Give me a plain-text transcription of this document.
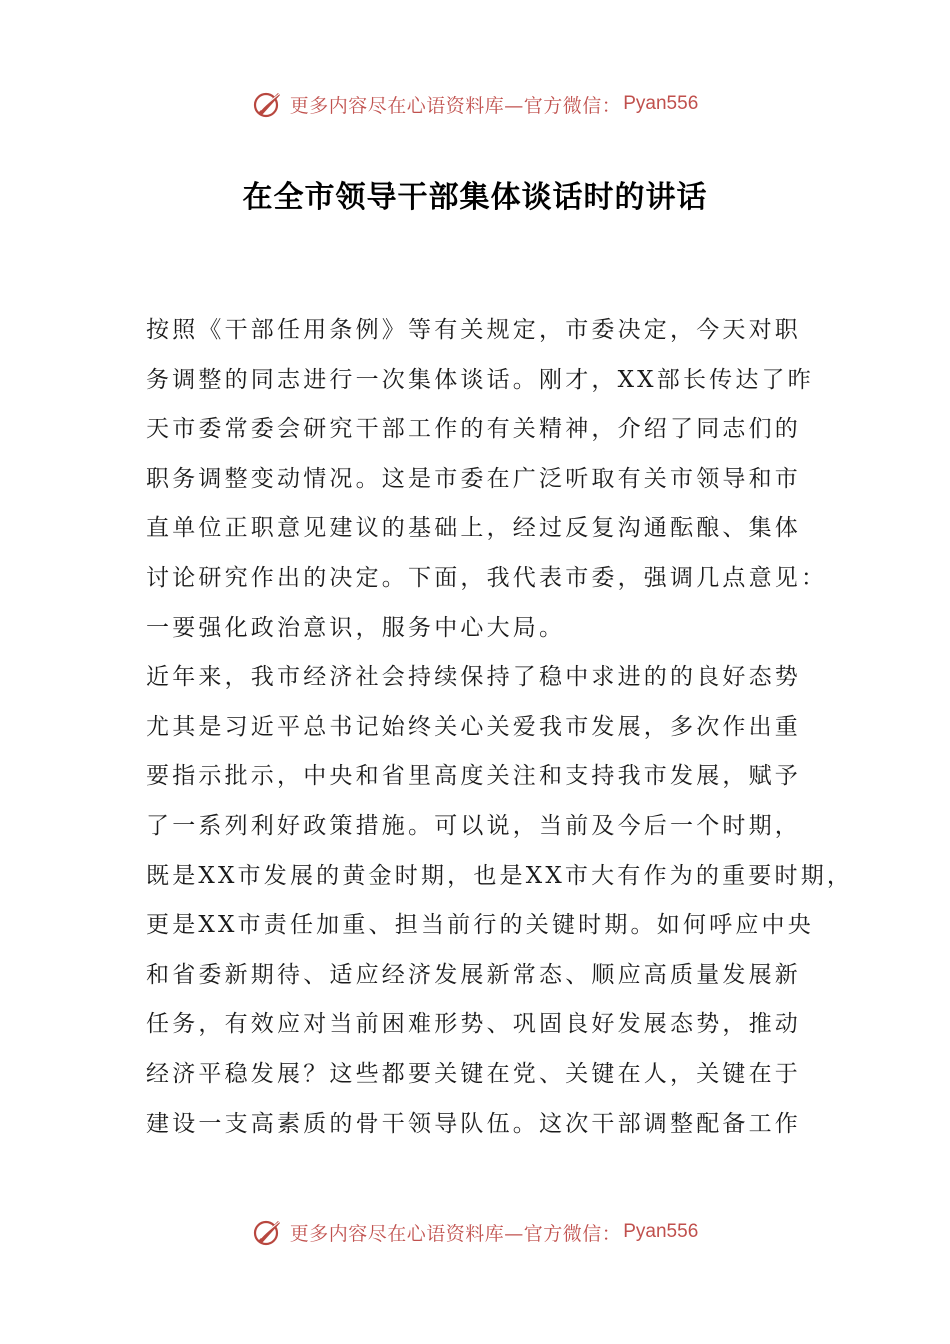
更多内容尽在心语资料库—官方微信： Pyan556
在全市领导干部集体谈话时的讲话
按照《干部任用条例》等有关规定，市委决定，今天对职
务调整的同志进行一次集体谈话。刚才，XX部长传达了昨
天市委常委会研究干部工作的有关精神，介绍了同志们的
职务调整变动情况。这是市委在广泛听取有关市领导和市
直单位正职意见建议的基础上，经过反复沟通酝酿、集体
讨论研究作出的决定。下面，我代表市委，强调几点意见：
一要强化政治意识，服务中心大局。
近年来，我市经济社会持续保持了稳中求进的的良好态势
尤其是习近平总书记始终关心关爱我市发展，多次作出重
要指示批示，中央和省里高度关注和支持我市发展，赋予
了一系列利好政策措施。可以说，当前及今后一个时期，
既是XX市发展的黄金时期，也是XX市大有作为的重要时期，
更是XX市责任加重、担当前行的关键时期。如何呼应中央
和省委新期待、适应经济发展新常态、顺应高质量发展新
任务，有效应对当前困难形势、巩固良好发展态势，推动
经济平稳发展？这些都要关键在党、关键在人，关键在于
建设一支高素质的骨干领导队伍。这次干部调整配备工作
更多内容尽在心语资料库—官方微信： Pyan556
